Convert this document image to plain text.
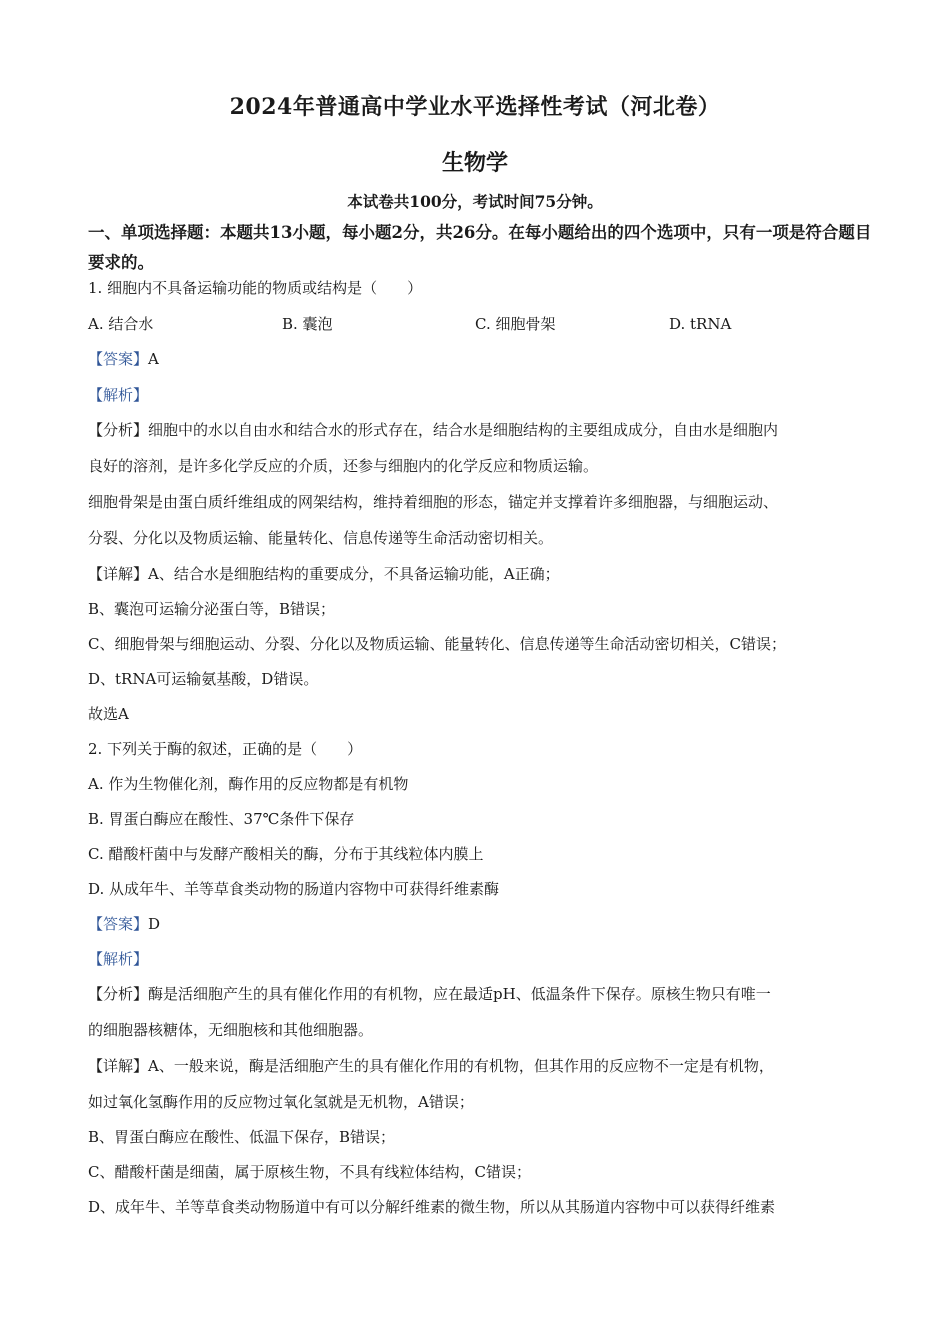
2024年普通高中学业水平选择性考试（河北卷）
生物学
本试卷共100分，考试时间75分钟。
一、单项选择题：本题共13小题，每小题2分，共26分。在每小题给出的四个选项中，只有一项是符合题目要求的。
1. 细胞内不具备运输功能的物质或结构是（　　）
A. 结合水	B. 囊泡	C. 细胞骨架	D. tRNA
【答案】A
【解析】
【分析】细胞中的水以自由水和结合水的形式存在，结合水是细胞结构的主要组成成分，自由水是细胞内
良好的溶剂，是许多化学反应的介质，还参与细胞内的化学反应和物质运输。
细胞骨架是由蛋白质纤维组成的网架结构，维持着细胞的形态，锚定并支撑着许多细胞器，与细胞运动、
分裂、分化以及物质运输、能量转化、信息传递等生命活动密切相关。
【详解】A、结合水是细胞结构的重要成分，不具备运输功能，A正确；
B、囊泡可运输分泌蛋白等，B错误；
C、细胞骨架与细胞运动、分裂、分化以及物质运输、能量转化、信息传递等生命活动密切相关，C错误；
D、tRNA可运输氨基酸，D错误。
故选A
2. 下列关于酶的叙述，正确的是（　　）
A. 作为生物催化剂，酶作用的反应物都是有机物
B. 胃蛋白酶应在酸性、37℃条件下保存
C. 醋酸杆菌中与发酵产酸相关的酶，分布于其线粒体内膜上
D. 从成年牛、羊等草食类动物的肠道内容物中可获得纤维素酶
【答案】D
【解析】
【分析】酶是活细胞产生的具有催化作用的有机物，应在最适pH、低温条件下保存。原核生物只有唯一
的细胞器核糖体，无细胞核和其他细胞器。
【详解】A、一般来说，酶是活细胞产生的具有催化作用的有机物，但其作用的反应物不一定是有机物，
如过氧化氢酶作用的反应物过氧化氢就是无机物，A错误；
B、胃蛋白酶应在酸性、低温下保存，B错误；
C、醋酸杆菌是细菌，属于原核生物，不具有线粒体结构，C错误；
D、成年牛、羊等草食类动物肠道中有可以分解纤维素的微生物，所以从其肠道内容物中可以获得纤维素
